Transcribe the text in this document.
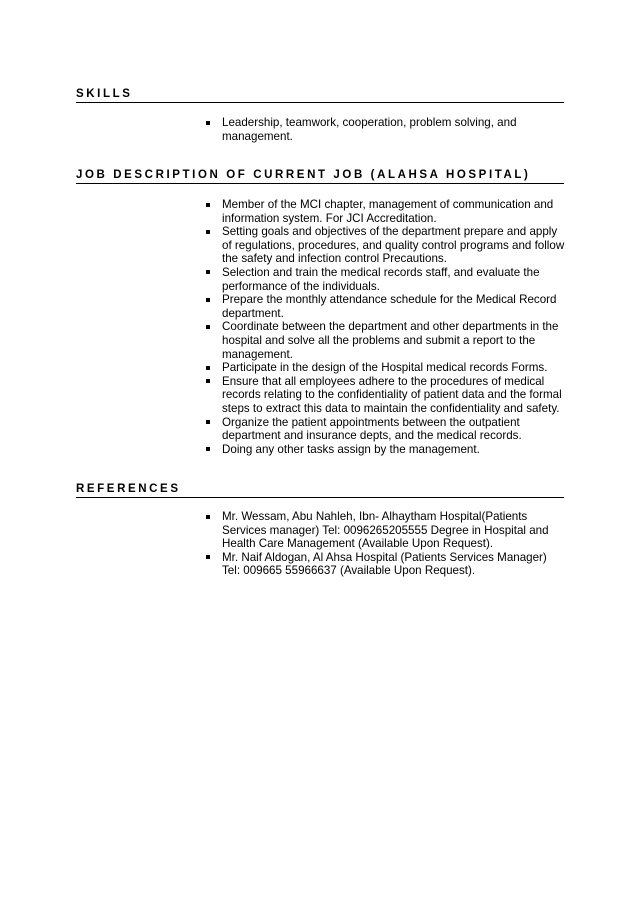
SKILLS
Leadership, teamwork, cooperation, problem solving, and management.
JOB DESCRIPTION OF CURRENT JOB (ALAHSA HOSPITAL)
Member of the MCI chapter, management of communication and information system. For JCI Accreditation.
Setting goals and objectives of the department prepare and apply of regulations, procedures, and quality control programs and follow the safety and infection control Precautions.
Selection and train the medical records staff, and evaluate the performance of the individuals.
Prepare the monthly attendance schedule for the Medical Record department.
Coordinate between the department and other departments in the hospital and solve all the problems and submit a report to the management.
Participate in the design of the Hospital medical records Forms.
Ensure that all employees adhere to the procedures of medical records relating to the confidentiality of patient data and the formal steps to extract this data to maintain the confidentiality and safety.
Organize the patient appointments between the outpatient department and insurance depts, and the medical records.
Doing any other tasks assign by the management.
REFERENCES
Mr. Wessam, Abu Nahleh, Ibn- Alhaytham Hospital(Patients Services manager) Tel: 0096265205555 Degree in Hospital and Health Care Management (Available Upon Request).
Mr. Naif Aldogan, Al Ahsa Hospital (Patients Services Manager) Tel: 009665 55966637 (Available Upon Request).
